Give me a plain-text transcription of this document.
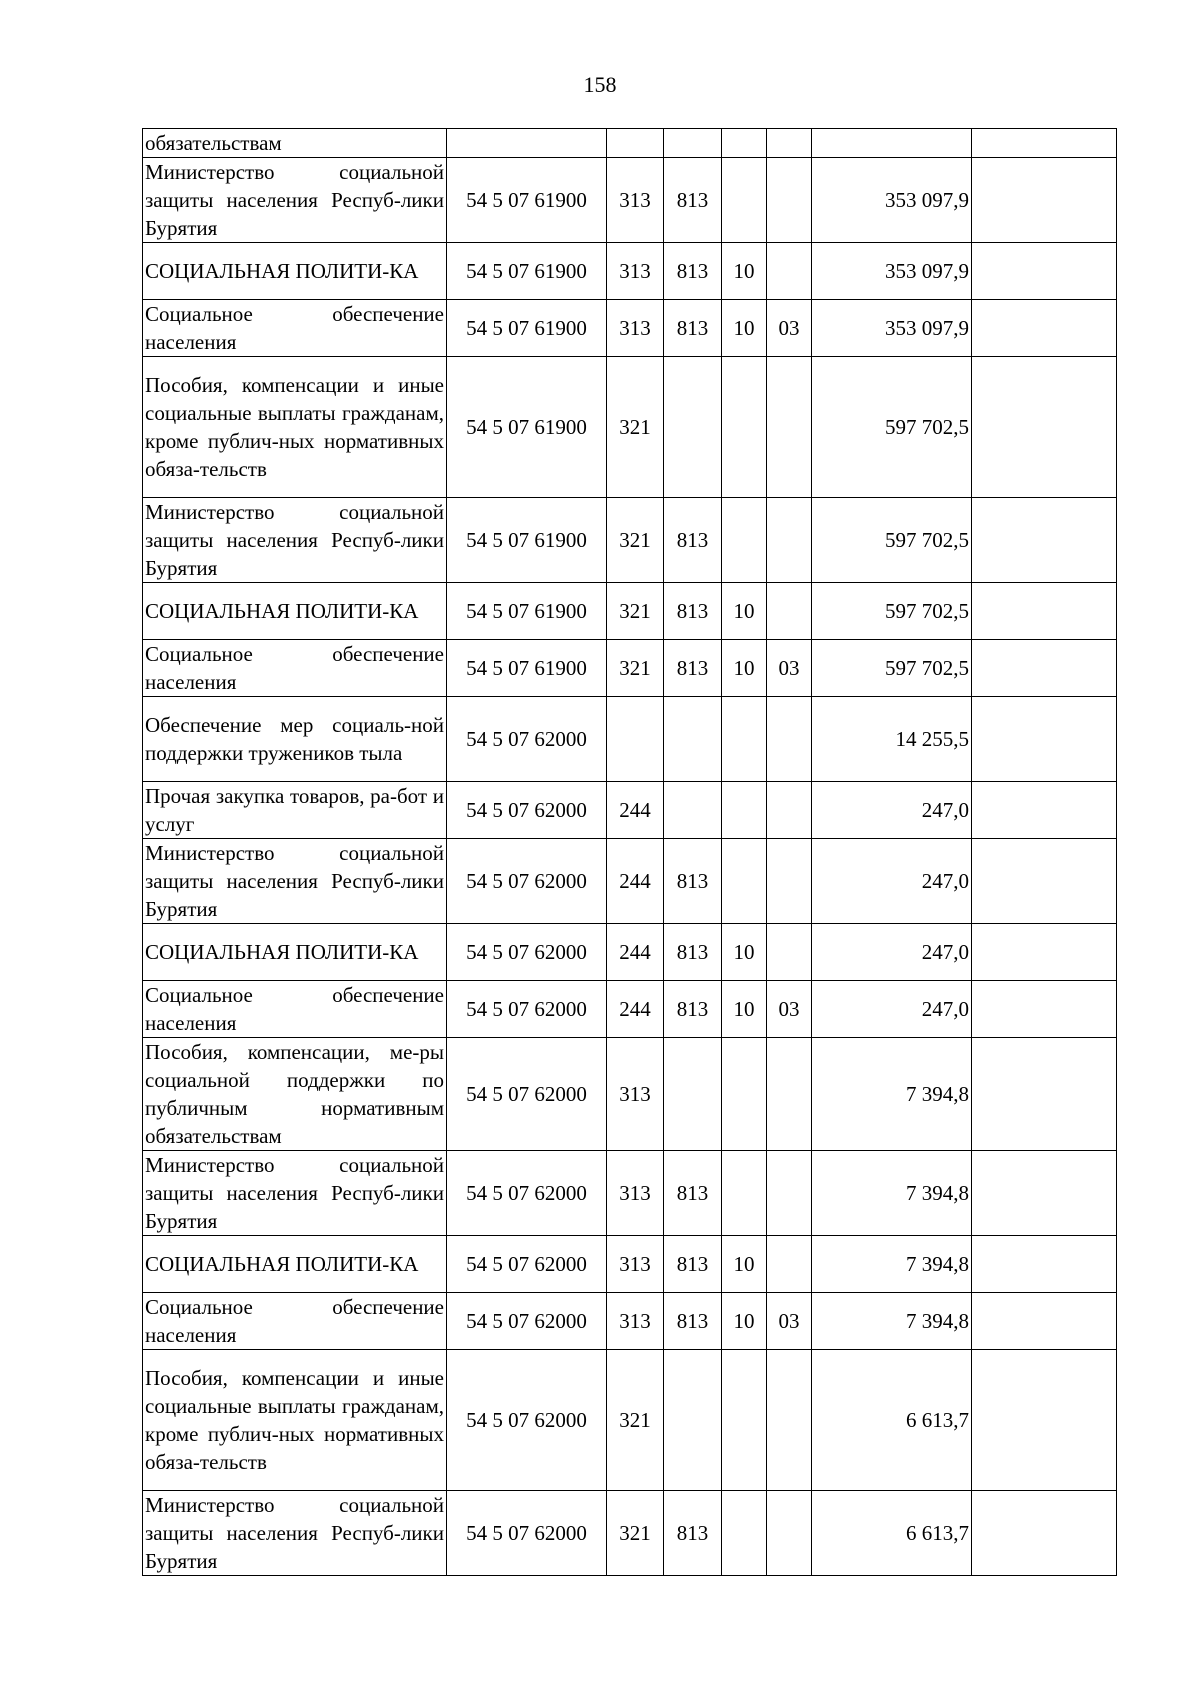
158
обязательствам							
Министерство социальной защиты населения Респуб-лики Бурятия	54 5 07 61900	313	813			353 097,9	
СОЦИАЛЬНАЯ ПОЛИТИ-КА	54 5 07 61900	313	813	10		353 097,9	
Социальное обеспечение населения	54 5 07 61900	313	813	10	03	353 097,9	
Пособия, компенсации и иные социальные выплаты гражданам, кроме публич-ных нормативных обяза-тельств	54 5 07 61900	321				597 702,5	
Министерство социальной защиты населения Респуб-лики Бурятия	54 5 07 61900	321	813			597 702,5	
СОЦИАЛЬНАЯ ПОЛИТИ-КА	54 5 07 61900	321	813	10		597 702,5	
Социальное обеспечение населения	54 5 07 61900	321	813	10	03	597 702,5	
Обеспечение мер социаль-ной поддержки тружеников тыла	54 5 07 62000					14 255,5	
Прочая закупка товаров, ра-бот и услуг	54 5 07 62000	244				247,0	
Министерство социальной защиты населения Респуб-лики Бурятия	54 5 07 62000	244	813			247,0	
СОЦИАЛЬНАЯ ПОЛИТИ-КА	54 5 07 62000	244	813	10		247,0	
Социальное обеспечение населения	54 5 07 62000	244	813	10	03	247,0	
Пособия, компенсации, ме-ры социальной поддержки по публичным нормативным обязательствам	54 5 07 62000	313				7 394,8	
Министерство социальной защиты населения Респуб-лики Бурятия	54 5 07 62000	313	813			7 394,8	
СОЦИАЛЬНАЯ ПОЛИТИ-КА	54 5 07 62000	313	813	10		7 394,8	
Социальное обеспечение населения	54 5 07 62000	313	813	10	03	7 394,8	
Пособия, компенсации и иные социальные выплаты гражданам, кроме публич-ных нормативных обяза-тельств	54 5 07 62000	321				6 613,7	
Министерство социальной защиты населения Респуб-лики Бурятия	54 5 07 62000	321	813			6 613,7	
